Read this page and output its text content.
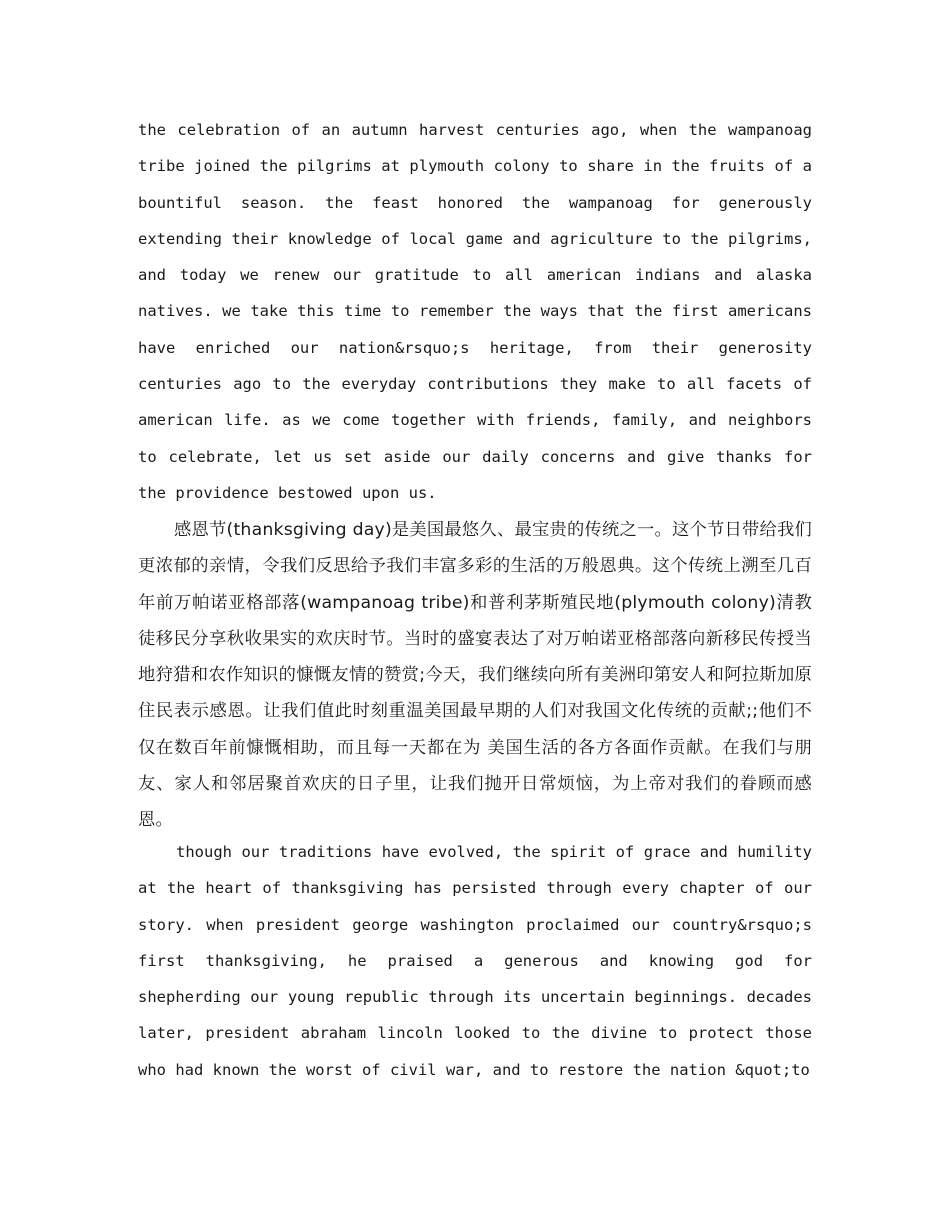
the celebration of an autumn harvest centuries ago, when the wampanoag tribe joined the pilgrims at plymouth colony to share in the fruits of a bountiful season. the feast honored the wampanoag for generously extending their knowledge of local game and agriculture to the pilgrims, and today we renew our gratitude to all american indians and alaska natives. we take this time to remember the ways that the first americans have enriched our nation&rsquo;s heritage, from their generosity centuries ago to the everyday contributions they make to all facets of american life. as we come together with friends, family, and neighbors to celebrate, let us set aside our daily concerns and give thanks for the providence bestowed upon us.

感恩节(thanksgiving day)是美国最悠久、最宝贵的传统之一。这个节日带给我们更浓郁的亲情，令我们反思给予我们丰富多彩的生活的万般恩典。这个传统上溯至几百年前万帕诺亚格部落(wampanoag tribe)和普利茅斯殖民地(plymouth colony)清教徒移民分享秋收果实的欢庆时节。当时的盛宴表达了对万帕诺亚格部落向新移民传授当地狩猎和农作知识的慷慨友情的赞赏;今天，我们继续向所有美洲印第安人和阿拉斯加原住民表示感恩。让我们值此时刻重温美国最早期的人们对我国文化传统的贡献;;他们不仅在数百年前慷慨相助，而且每一天都在为 美国生活的各方各面作贡献。在我们与朋友、家人和邻居聚首欢庆的日子里，让我们抛开日常烦恼，为上帝对我们的眷顾而感恩。

though our traditions have evolved, the spirit of grace and humility at the heart of thanksgiving has persisted through every chapter of our story. when president george washington proclaimed our country&rsquo;s first thanksgiving, he praised a generous and knowing god for shepherding our young republic through its uncertain beginnings. decades later, president abraham lincoln looked to the divine to protect those who had known the worst of civil war, and to restore the nation &quot;to
